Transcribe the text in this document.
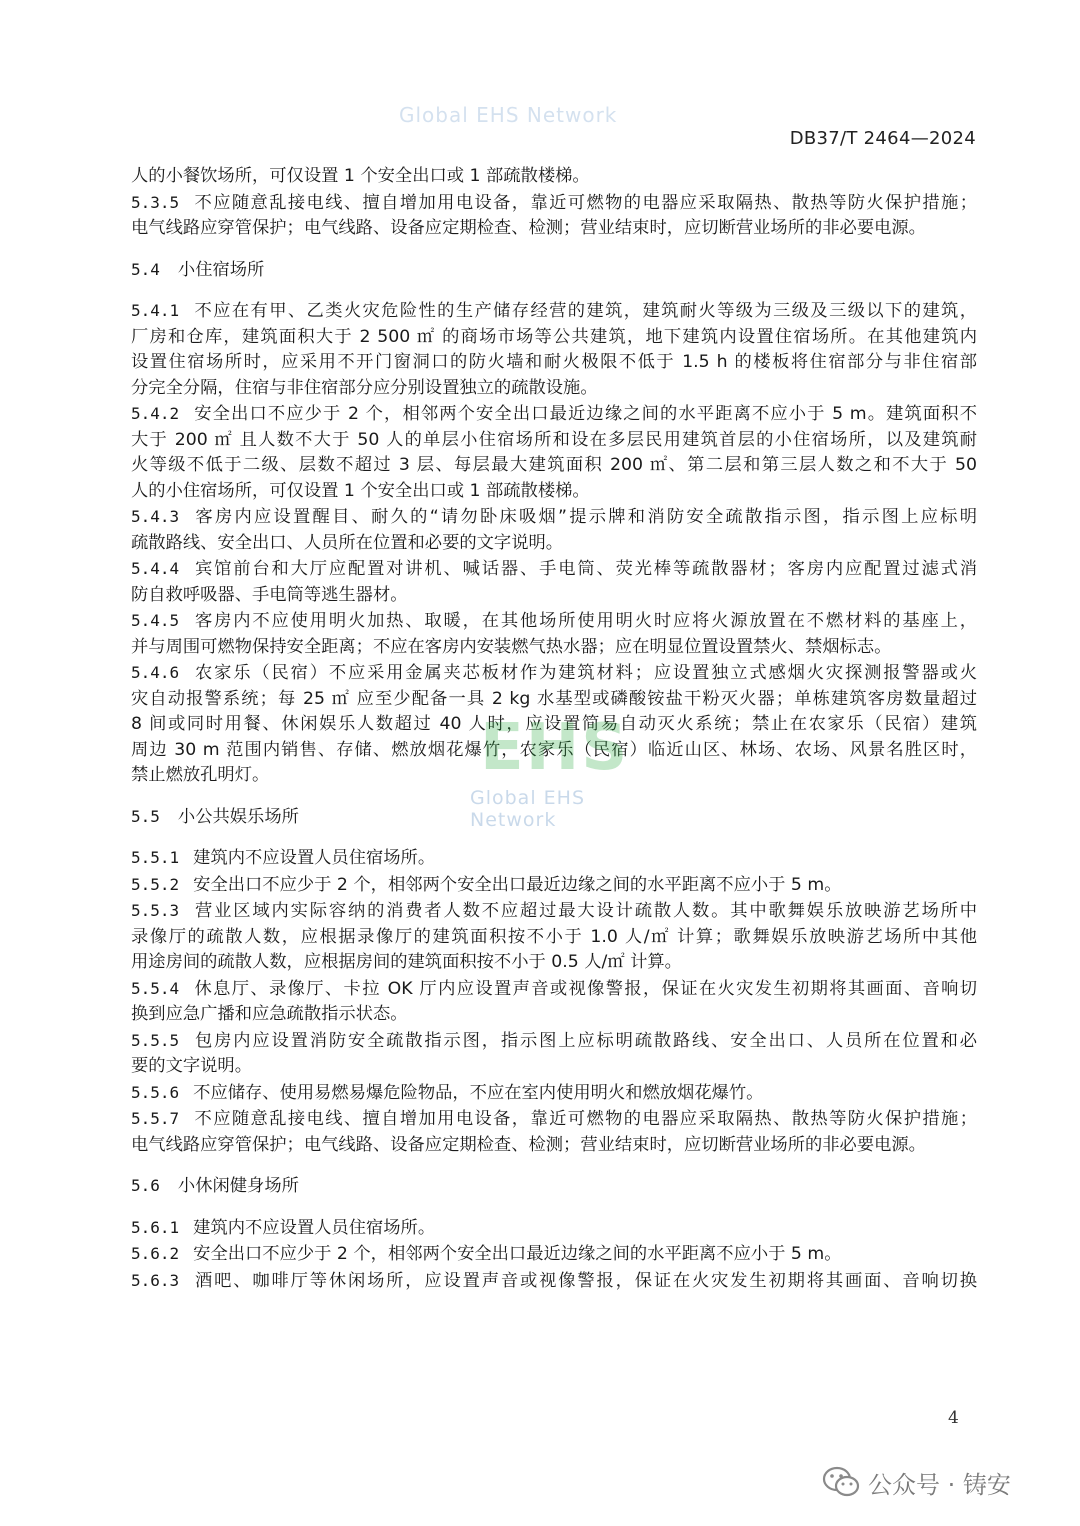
DB37/T 2464—2024
Global EHS Network
人的小餐饮场所，可仅设置 1 个安全出口或 1 部疏散楼梯。
5.3.5 不应随意乱接电线、擅自增加用电设备，靠近可燃物的电器应采取隔热、散热等防火保护措施；
电气线路应穿管保护；电气线路、设备应定期检查、检测；营业结束时，应切断营业场所的非必要电源。
5.4 小住宿场所
5.4.1 不应在有甲、乙类火灾危险性的生产储存经营的建筑，建筑耐火等级为三级及三级以下的建筑，
厂房和仓库，建筑面积大于 2 500 ㎡ 的商场市场等公共建筑，地下建筑内设置住宿场所。在其他建筑内
设置住宿场所时，应采用不开门窗洞口的防火墙和耐火极限不低于 1.5 h 的楼板将住宿部分与非住宿部
分完全分隔，住宿与非住宿部分应分别设置独立的疏散设施。
5.4.2 安全出口不应少于 2 个，相邻两个安全出口最近边缘之间的水平距离不应小于 5 m。建筑面积不
大于 200 ㎡ 且人数不大于 50 人的单层小住宿场所和设在多层民用建筑首层的小住宿场所，以及建筑耐
火等级不低于二级、层数不超过 3 层、每层最大建筑面积 200 ㎡、第二层和第三层人数之和不大于 50
人的小住宿场所，可仅设置 1 个安全出口或 1 部疏散楼梯。
5.4.3 客房内应设置醒目、耐久的“请勿卧床吸烟”提示牌和消防安全疏散指示图，指示图上应标明
疏散路线、安全出口、人员所在位置和必要的文字说明。
5.4.4 宾馆前台和大厅应配置对讲机、喊话器、手电筒、荧光棒等疏散器材；客房内应配置过滤式消
防自救呼吸器、手电筒等逃生器材。
5.4.5 客房内不应使用明火加热、取暖，在其他场所使用明火时应将火源放置在不燃材料的基座上，
并与周围可燃物保持安全距离；不应在客房内安装燃气热水器；应在明显位置设置禁火、禁烟标志。
5.4.6 农家乐（民宿）不应采用金属夹芯板材作为建筑材料；应设置独立式感烟火灾探测报警器或火
灾自动报警系统；每 25 ㎡ 应至少配备一具 2 kg 水基型或磷酸铵盐干粉灭火器；单栋建筑客房数量超过
8 间或同时用餐、休闲娱乐人数超过 40 人时，应设置简易自动灭火系统；禁止在农家乐（民宿）建筑
周边 30 m 范围内销售、存储、燃放烟花爆竹，农家乐（民宿）临近山区、林场、农场、风景名胜区时，
禁止燃放孔明灯。
5.5 小公共娱乐场所
5.5.1 建筑内不应设置人员住宿场所。
5.5.2 安全出口不应少于 2 个，相邻两个安全出口最近边缘之间的水平距离不应小于 5 m。
5.5.3 营业区域内实际容纳的消费者人数不应超过最大设计疏散人数。其中歌舞娱乐放映游艺场所中
录像厅的疏散人数，应根据录像厅的建筑面积按不小于 1.0 人/㎡ 计算；歌舞娱乐放映游艺场所中其他
用途房间的疏散人数，应根据房间的建筑面积按不小于 0.5 人/㎡ 计算。
5.5.4 休息厅、录像厅、卡拉 OK 厅内应设置声音或视像警报，保证在火灾发生初期将其画面、音响切
换到应急广播和应急疏散指示状态。
5.5.5 包房内应设置消防安全疏散指示图，指示图上应标明疏散路线、安全出口、人员所在位置和必
要的文字说明。
5.5.6 不应储存、使用易燃易爆危险物品，不应在室内使用明火和燃放烟花爆竹。
5.5.7 不应随意乱接电线、擅自增加用电设备，靠近可燃物的电器应采取隔热、散热等防火保护措施；
电气线路应穿管保护；电气线路、设备应定期检查、检测；营业结束时，应切断营业场所的非必要电源。
5.6 小休闲健身场所
5.6.1 建筑内不应设置人员住宿场所。
5.6.2 安全出口不应少于 2 个，相邻两个安全出口最近边缘之间的水平距离不应小于 5 m。
5.6.3 酒吧、咖啡厅等休闲场所，应设置声音或视像警报，保证在火灾发生初期将其画面、音响切换
EHS
Global EHS Network
4
公众号 · 铸安
